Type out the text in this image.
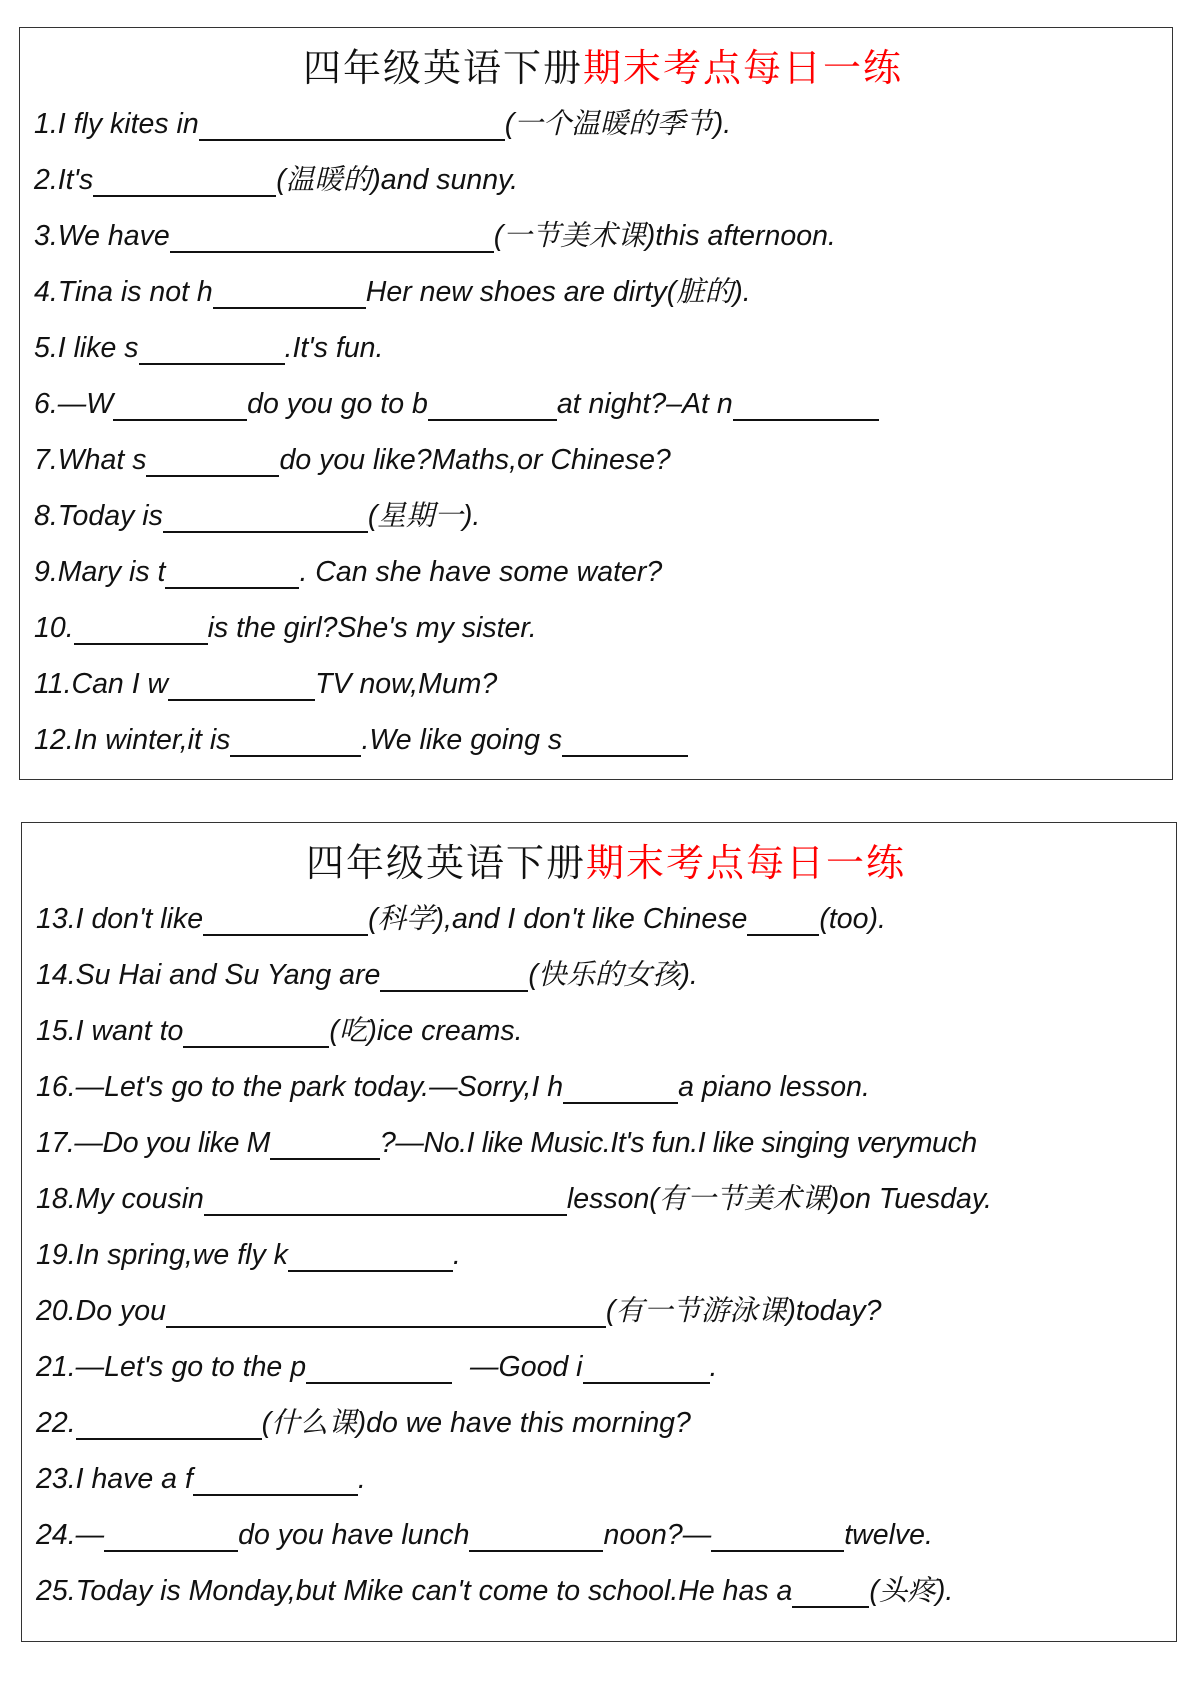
四年级英语下册期末考点每日一练
1.I fly kites in	(一个温暖的季节).
2.It's	(温暖的)and sunny.
3.We have	(一节美术课)this afternoon.
4.Tina is not h	Her new shoes are dirty(脏的).
5.I like s	.It's fun.
6.—W	do you go to b	at night?–At n
7.What s	do you like?Maths,or Chinese?
8.Today is	(星期一).
9.Mary is t	. Can she have some water?
10.	is the girl?She's my sister.
11.Can I w	TV now,Mum?
12.In winter,it is	.We like going s
四年级英语下册期末考点每日一练
13.I don't like	(科学),and I don't like Chinese	(too).
14.Su Hai and Su Yang are	(快乐的女孩).
15.I want to	(吃)ice creams.
16.—Let's go to the park today.—Sorry,I h	a piano lesson.
17.—Do you like M	?—No.I like Music.It's fun.I like singing verymuch
18.My cousin	lesson(有一节美术课)on Tuesday.
19.In spring,we fly k	.
20.Do you	(有一节游泳课)today?
21.—Let's go to the p	—Good i	.
22.	(什么课)do we have this morning?
23.I have a f	.
24.—	do you have lunch	noon?—	twelve.
25.Today is Monday,but Mike can't come to school.He has a	(头疼).
